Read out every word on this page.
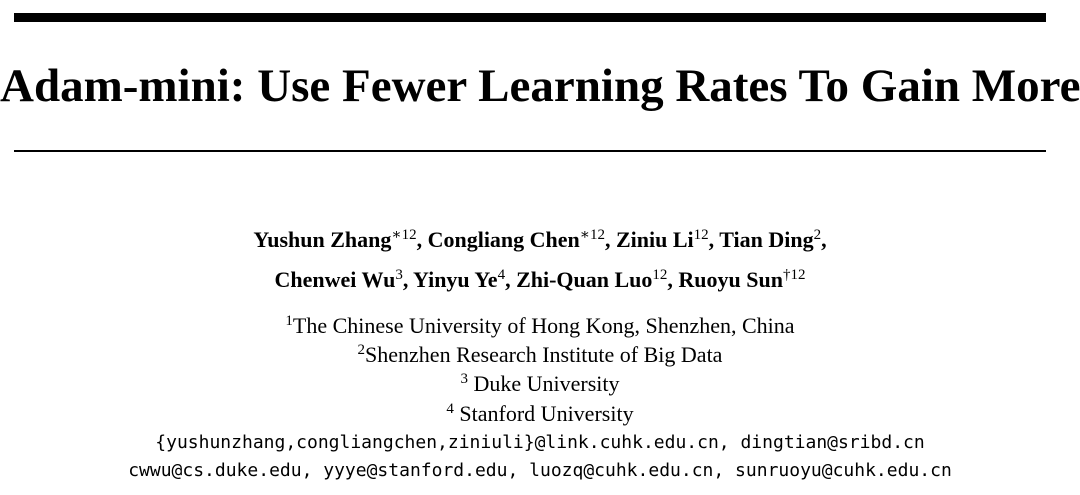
Adam-mini: Use Fewer Learning Rates To Gain More
Yushun Zhang$^{∗12}$, Congliang Chen$^{∗12}$, Ziniu Li$^{12}$, Tian Ding$^2$,
Chenwei Wu$^3$, Yinyu Ye$^4$, Zhi-Quan Luo$^{12}$, Ruoyu Sun$^{\dagger 12}$
$^1$The Chinese University of Hong Kong, Shenzhen, China
$^2$Shenzhen Research Institute of Big Data
$^3$ Duke University
$^4$ Stanford University
{yushunzhang,congliangchen,ziniuli}@link.cuhk.edu.cn, dingtian@sribd.cn
cwwu@cs.duke.edu, yyye@stanford.edu, luozq@cuhk.edu.cn, sunruoyu@cuhk.edu.cn
